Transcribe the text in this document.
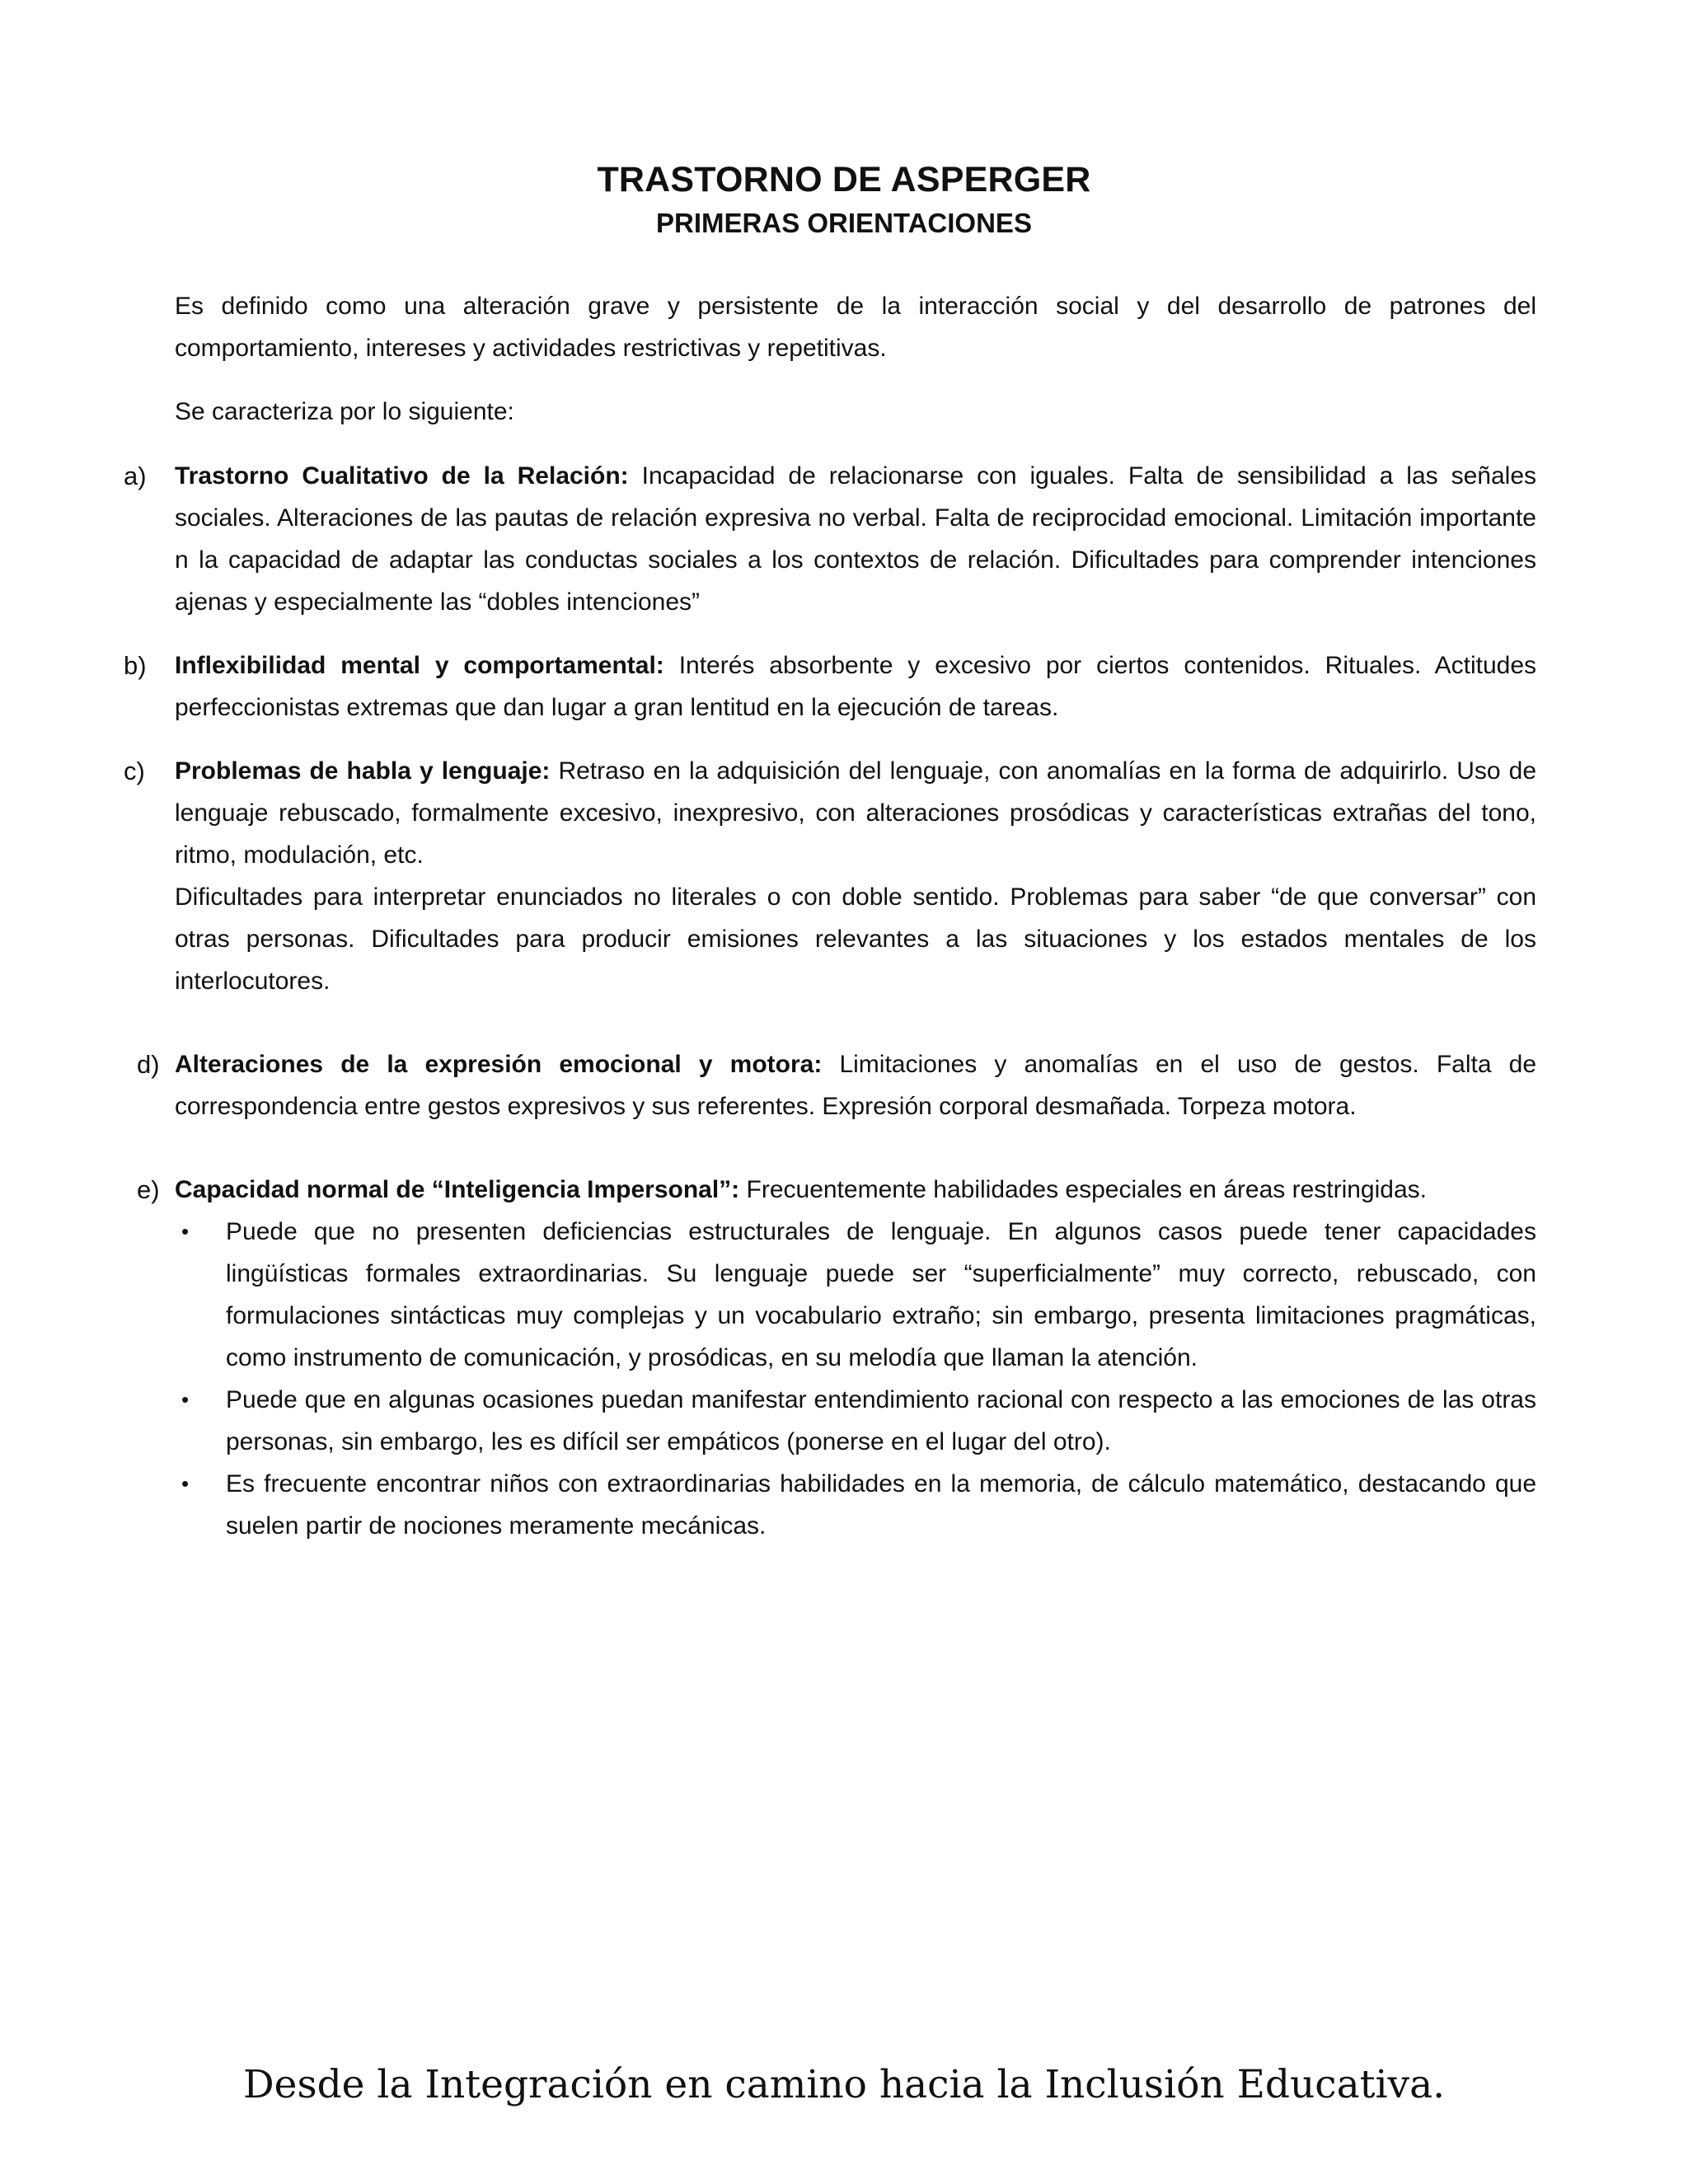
TRASTORNO DE ASPERGER
PRIMERAS ORIENTACIONES

Es definido como una alteración grave y persistente de la interacción social y del desarrollo de patrones del comportamiento, intereses y actividades restrictivas y repetitivas.

Se caracteriza por lo siguiente:

a)	Trastorno Cualitativo de la Relación: Incapacidad de relacionarse con iguales. Falta de sensibilidad a las señales sociales. Alteraciones de las pautas de relación expresiva no verbal. Falta de reciprocidad emocional. Limitación importante n la capacidad de adaptar las conductas sociales a los contextos de relación. Dificultades para comprender intenciones ajenas y especialmente las “dobles intenciones”
b)	Inflexibilidad mental y comportamental: Interés absorbente y excesivo por ciertos contenidos. Rituales. Actitudes perfeccionistas extremas que dan lugar a gran lentitud en la ejecución de tareas.
c)	Problemas de habla y lenguaje: Retraso en la adquisición del lenguaje, con anomalías en la forma de adquirirlo. Uso de lenguaje rebuscado, formalmente excesivo, inexpresivo, con alteraciones prosódicas y características extrañas del tono, ritmo, modulación, etc.
Dificultades para interpretar enunciados no literales o con doble sentido. Problemas para saber “de que conversar” con otras personas. Dificultades para producir emisiones relevantes a las situaciones y los estados mentales de los interlocutores.
d) Alteraciones de la expresión emocional y motora: Limitaciones y anomalías en el uso de gestos. Falta de correspondencia entre gestos expresivos y sus referentes. Expresión corporal desmañada. Torpeza motora.
e) Capacidad normal de “Inteligencia Impersonal”: Frecuentemente habilidades especiales en áreas restringidas.
• Puede que no presenten deficiencias estructurales de lenguaje. En algunos casos puede tener capacidades lingüísticas formales extraordinarias. Su lenguaje puede ser “superficialmente” muy correcto, rebuscado, con formulaciones sintácticas muy complejas y un vocabulario extraño; sin embargo, presenta limitaciones pragmáticas, como instrumento de comunicación, y prosódicas, en su melodía que llaman la atención.
• Puede que en algunas ocasiones puedan manifestar entendimiento racional con respecto a las emociones de las otras personas, sin embargo, les es difícil ser empáticos (ponerse en el lugar del otro).
• Es frecuente encontrar niños con extraordinarias habilidades en la memoria, de cálculo matemático, destacando que suelen partir de nociones meramente mecánicas.
Desde la Integración en camino hacia la Inclusión Educativa.
